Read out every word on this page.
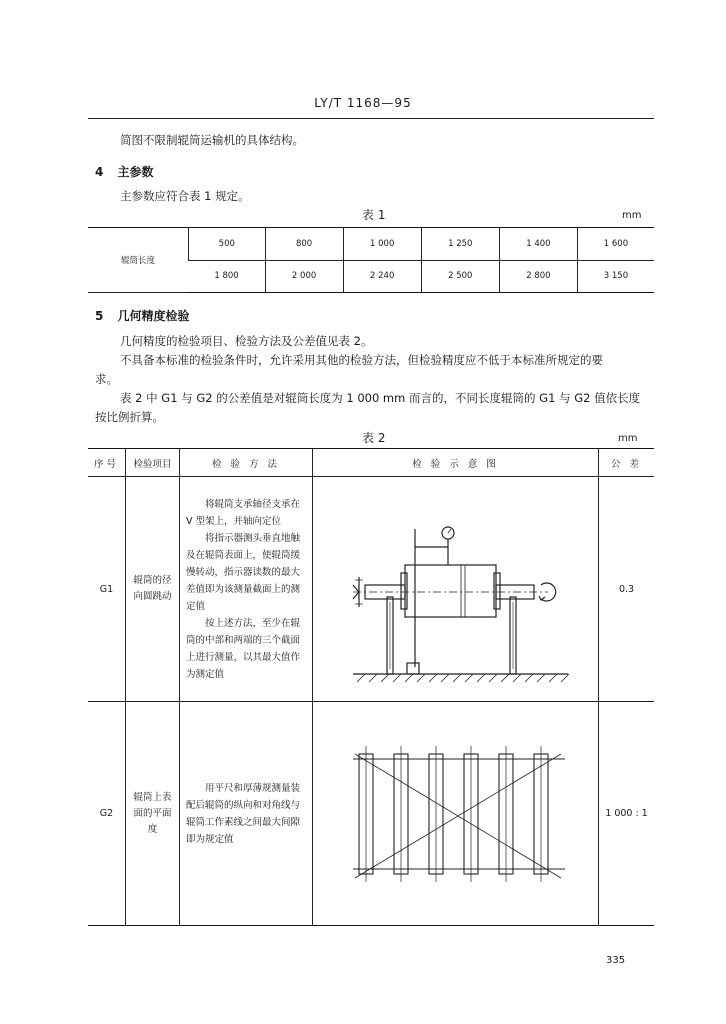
LY/T 1168—95
简图不限制辊筒运输机的具体结构。
4 主参数
主参数应符合表 1 规定。
表 1	mm
辊筒长度	500	800	1 000	1 250	1 400	1 600
	1 800	2 000	2 240	2 500	2 800	3 150
5 几何精度检验
几何精度的检验项目、检验方法及公差值见表 2。
不具备本标准的检验条件时，允许采用其他的检验方法，但检验精度应不低于本标准所规定的要
求。
表 2 中 G1 与 G2 的公差值是对辊筒长度为 1 000 mm 而言的，不同长度辊筒的 G1 与 G2 值依长度
按比例折算。
表 2	mm
序号	检验项目	检 验 方 法	检 验 示 意 图	公 差
G1	辊筒的径向圆跳动	将辊筒支承轴径支承在 V 型架上，并轴向定位

将指示器测头垂直地触及在辊筒表面上，使辊筒缓慢转动，指示器读数的最大差值即为该测量截面上的测定值

按上述方法，至少在辊筒的中部和两端的三个截面上进行测量，以其最大值作为测定值		0.3
G2	辊筒上表面的平面度	用平尺和厚薄规测量装配后辊筒的纵向和对角线与辊筒工作素线之间最大间隙即为规定值		1 000 : 1
335
